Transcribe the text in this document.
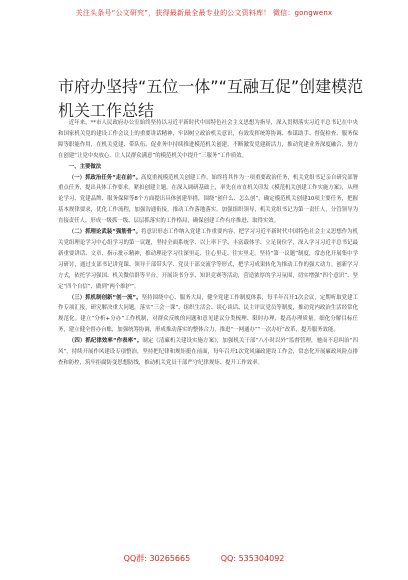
关注头条号“公文研究”，获得最新最全最专业的公文资料库！ 微信：gongwenx
市府办坚持“五位一体”“互融互促”创建模范机关工作总结

近年来，**市人民政府办公室始终坚持以习近平新时代中国特色社会主义思想为指导，深入贯彻落实习近平总书记在中央和国家机关党的建设工作会议上的重要讲话精神，牢固树立政治机关意识，有效发挥统筹协调、参谋助手、督促检查、服务保障等职能作用，在机关党建、带队伍、促业务中持续推进模范机关创建，不断激发党建新活力，推动党建业务深度融合，努力在创建“让党中央放心、让人民群众满意”的模范机关中提升“三服务”工作质效。

一、主要做法

（一）抓政治任务“走在前”。高度重视模范机关创建工作，始终将其作为一项重要政治任务，机关党组书记亲自研究部署重点任务，提出具体工作要求。紧扣创建主题，在深入调研基础上，率先在市直机关印发《模范机关创建工作实施方案》，从理论学习、党建品牌、服务保障等8个方面提出具体创建举措，围绕“创什么、怎么创”，确定模范机关创建10项主要任务，把握基本规律要求，优化工作流程，加强沟通衔接，推动工作落地落实。加强组织领导，机关党组书记为第一责任人，分管领导为直接责任人，形成一级抓一级、层层抓落实的工作格局，确保创建工作有序推进、取得实效。

（二）抓理论武装“强筋骨”。将意识形态工作纳入党建工作重要内容，把学习习近平新时代中国特色社会主义思想作为机关党组理论学习中心组学习的第一议题，坚持全面系统学、以上率下学、丰富载体学、立足岗位学，深入学习习近平总书记最新重要讲话、文章、指示批示精神，推动理论学习往深里走、往心里走、往实里走。坚持“第一议题”制度，常态化开展集中学习研讨，通过支部书记讲党课、领导干部带头学、党员干部交流学等形式，把学习成果转化为推动工作的强大动力。创新学习方式，依托学习强国、机关微信群等平台，开展读书分享、知识竞赛等活动，营造浓厚的学习氛围，切实增强“四个意识”、坚定“四个自信”、做到“两个维护”。

（三）抓机制创新“创一流”。坚持围绕中心、服务大局，健全党建工作制度体系，每半年召开1次会议，定期听取党建工作专项汇报，研究解决重大问题。落实“三会一课”、组织生活会、谈心谈话、民主评议党员等制度，推动党内政治生活经常化规范化。建立“分析+分办”工作机制，对群众反映的问题和意见建议分类梳理、限时办理，提高办理质量。细化分解目标任务，建立健全督办台账，加强统筹协调，形成推动落实的整体合力，推进“一网通办”“一次办好”改革，提升服务效能。

（四）抓纪律效率“作表率”。制定《清廉机关建设实施方案》，加强机关干部“八小时以外”监督管理，驰而不息纠治“四风”，持续开展作风建设专项整治，坚持把纪律和规矩挺在前面，每年召开1次党风廉政建设工作会，常态化开展廉政风险点排查和防控，筑牢拒腐防变思想防线，推动机关党员干部严守纪律规矩、提升工作效率。

QQ群: 30265665	QQ: 535304092
